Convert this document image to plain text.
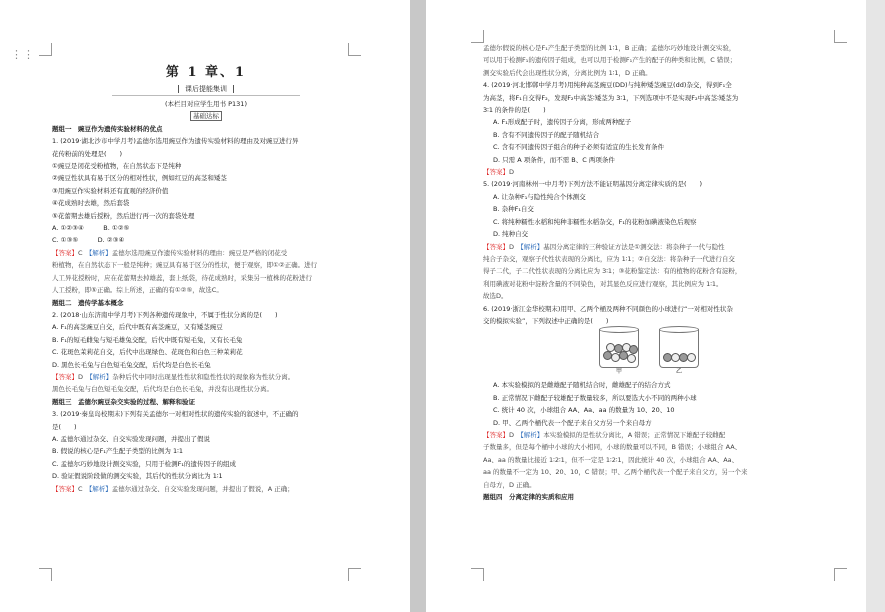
⋮⋮
第 1 章、1
课后提能集训
(本栏目对应学生用书 P131)
基础达标
题组一　豌豆作为遗传实验材料的优点
1. (2019·湖北沙市中学月考)孟德尔选用豌豆作为遗传实验材料的理由及对豌豆进行异
花传粉前的处理是(　　)
①豌豆是闭花受粉植物，在自然状态下是纯种
②豌豆性状具有易于区分的相对性状，例如红豆的高茎和矮茎
③用豌豆作实验材料还有直观的经济价值
④花成熟时去雄，然后套袋
⑤花蕾期去雄后授粉，然后进行再一次的套袋处理
A. ①②③④　　　B. ①②⑤
C. ①③⑤　　　D. ②③④
【答案】C　【解析】孟德尔选用豌豆作遗传实验材料的理由：豌豆是严格的闭花受
粉植物，在自然状态下一般是纯种；豌豆具有易于区分的性状，便于观察，即①②正确。进行
人工异花授粉时，应在花蕾期去掉雄蕊，套上纸袋，待花成熟时，采集另一植株的花粉进行
人工授粉，即⑤正确。综上所述，正确的有①②⑤，故选C。
题组二　遗传学基本概念
2. (2018·山东济南中学月考)下列各种遗传现象中，不属于性状分离的是(　　)
A. F₁的高茎豌豆自交，后代中既有高茎豌豆，又有矮茎豌豆
B. F₁的短毛雌兔与短毛雄兔交配，后代中既有短毛兔，又有长毛兔
C. 花斑色茉莉花自交，后代中出现绿色、花斑色和白色三种茉莉花
D. 黑色长毛兔与白色短毛兔交配，后代均是白色长毛兔
【答案】D　【解析】杂种后代中同时出现显性性状和隐性性状的现象称为性状分离。
黑色长毛兔与白色短毛兔交配，后代均是白色长毛兔，并没有出现性状分离。
题组三　孟德尔豌豆杂交实验的过程、解释和验证
3. (2019·秦皇岛校期末)下列有关孟德尔一对相对性状的遗传实验的叙述中，不正确的
是(　　)
A. 孟德尔通过杂交、自交实验发现问题，并提出了假说
B. 假说的核心是F₁产生配子类型的比例为 1∶1
C. 孟德尔巧妙地设计测交实验，只用于检测F₁的遗传因子的组成
D. 验证假说阶段做的测交实验，其后代的性状分离比为 1∶1
【答案】C　【解析】孟德尔通过杂交、自交实验发现问题，并提出了假说，A 正确；
孟德尔假说的核心是F₁产生配子类型的比例 1∶1，B 正确；孟德尔巧妙地设计测交实验，
可以用于检测F₁的遗传因子组成，也可以用于检测F₁产生的配子的种类和比例，C 错误；
测交实验后代会出现性状分离，分离比例为 1∶1，D 正确。
4. (2019·河北邯郸中学月考)用纯种高茎豌豆(DD)与纯种矮茎豌豆(dd)杂交，得到F₁全
为高茎，将F₁自交得F₂，发现F₂中高茎∶矮茎为 3∶1，下列选项中不是实现F₂中高茎∶矮茎为
3∶1 的条件的是(　　)
A. F₁形成配子时，遗传因子分离，形成两种配子
B. 含有不同遗传因子的配子随机结合
C. 含有不同遗传因子组合的种子必须有适宜的生长发育条件
D. 只需 A 项条件，而不需 B、C 两项条件
【答案】D
5. (2019·河南林州一中月考)下列方法不能证明基因分离定律实质的是(　　)
A. 让杂种F₁与隐性纯合个体测交
B. 杂种F₁自交
C. 将纯种糯性水稻和纯种非糯性水稻杂交，F₁的花粉加碘液染色后观察
D. 纯种自交
【答案】D　【解析】基因分离定律的三种验证方法是①测交法：将杂种子一代与隐性
纯合子杂交，观察子代性状表现的分离比，应为 1∶1；②自交法：将杂种子一代进行自交
得子二代，子二代性状表现的分离比应为 3∶1；③花粉鉴定法：有的植物的花粉含有淀粉，
利用碘液对花粉中淀粉含量的不同染色，对其显色反应进行观察，其比例应为 1∶1。
故选D。
6. (2019·浙江金华校期末)用甲、乙两个桶及两种不同颜色的小球进行“一对相对性状杂
交的模拟实验”，下列叙述中正确的是(　　)
甲	乙
A. 本实验模拟的是雌雄配子随机结合时，雌雄配子的结合方式
B. 正常情况下雌配子较雄配子数量较多，所以要选大小不同的两种小球
C. 统计 40 次，小球组合 AA、Aa、aa 的数量为 10、20、10
D. 甲、乙两个桶代表一个配子来自父方另一个来自母方
【答案】D　【解析】本实验模拟的是性状分离比，A 错误；正常情况下雄配子较雌配
子数量多，但是每个桶中小球的大小相同，小球的数量可以不同，B 错误；小球组合 AA、
Aa、aa 的数量比接近 1∶2∶1，但不一定是 1∶2∶1，因此统计 40 次，小球组合 AA、Aa、
aa 的数量不一定为 10、20、10，C 错误；甲、乙两个桶代表一个配子来自父方，另一个来
自母方，D 正确。
题组四　分离定律的实质和应用
